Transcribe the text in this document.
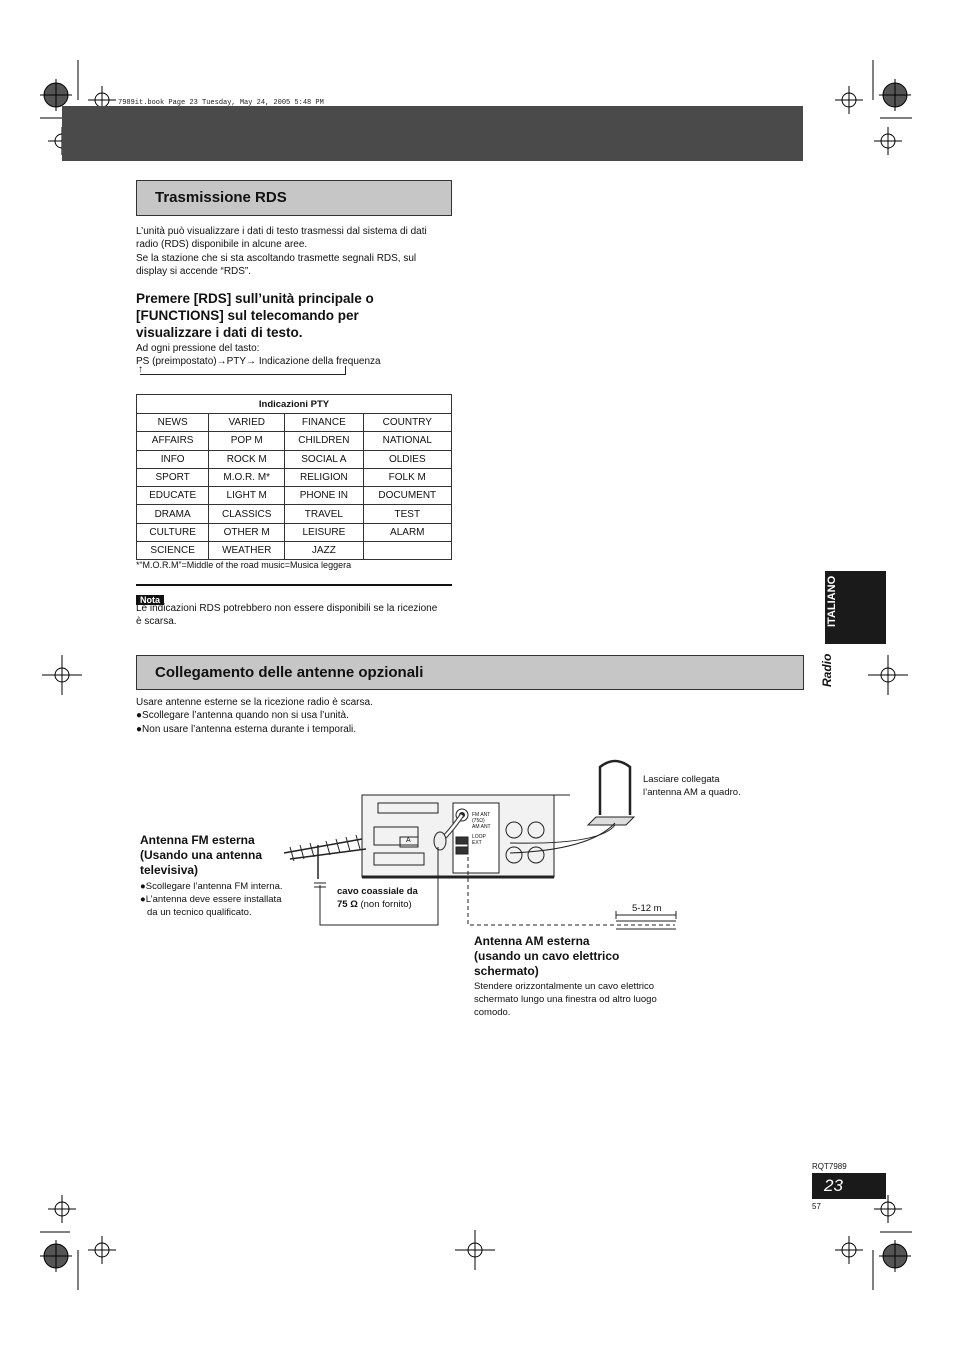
7989it.book Page 23 Tuesday, May 24, 2005 5:48 PM
Trasmissione RDS
L’unità può visualizzare i dati di testo trasmessi dal sistema di dati
radio (RDS) disponibile in alcune aree.
Se la stazione che si sta ascoltando trasmette segnali RDS, sul
display si accende “RDS”.
Premere [RDS] sull’unità principale o
[FUNCTIONS] sul telecomando per
visualizzare i dati di testo.
Ad ogni pressione del tasto:
PS (preimpostato)→PTY→ Indicazione della frequenza
↑
Indicazioni PTY			
NEWS	VARIED	FINANCE	COUNTRY
AFFAIRS	POP M	CHILDREN	NATIONAL
INFO	ROCK M	SOCIAL A	OLDIES
SPORT	M.O.R. M*	RELIGION	FOLK M
EDUCATE	LIGHT M	PHONE IN	DOCUMENT
DRAMA	CLASSICS	TRAVEL	TEST
CULTURE	OTHER M	LEISURE	ALARM
SCIENCE	WEATHER	JAZZ	
*“M.O.R.M”=Middle of the road music=Musica leggera
Nota
Le indicazioni RDS potrebbero non essere disponibili se la ricezione
è scarsa.
Collegamento delle antenne opzionali
Usare antenne esterne se la ricezione radio è scarsa.
●Scollegare l’antenna quando non si usa l’unità.
●Non usare l’antenna esterna durante i temporali.
FM ANT
(75Ω)
AM ANT
LOOP
EXT
A
Lasciare collegata
l’antenna AM a quadro.
Antenna FM esterna
(Usando una antenna
televisiva)
●Scollegare l’antenna FM interna.
●L’antenna deve essere installata
da un tecnico qualificato.
cavo coassiale da
75 Ω (non fornito)	5-12 m
Antenna AM esterna
(usando un cavo elettrico
schermato)
Stendere orizzontalmente un cavo elettrico
schermato lungo una finestra od altro luogo
comodo.
ITALIANO
Radio
RQT7989
23
57
